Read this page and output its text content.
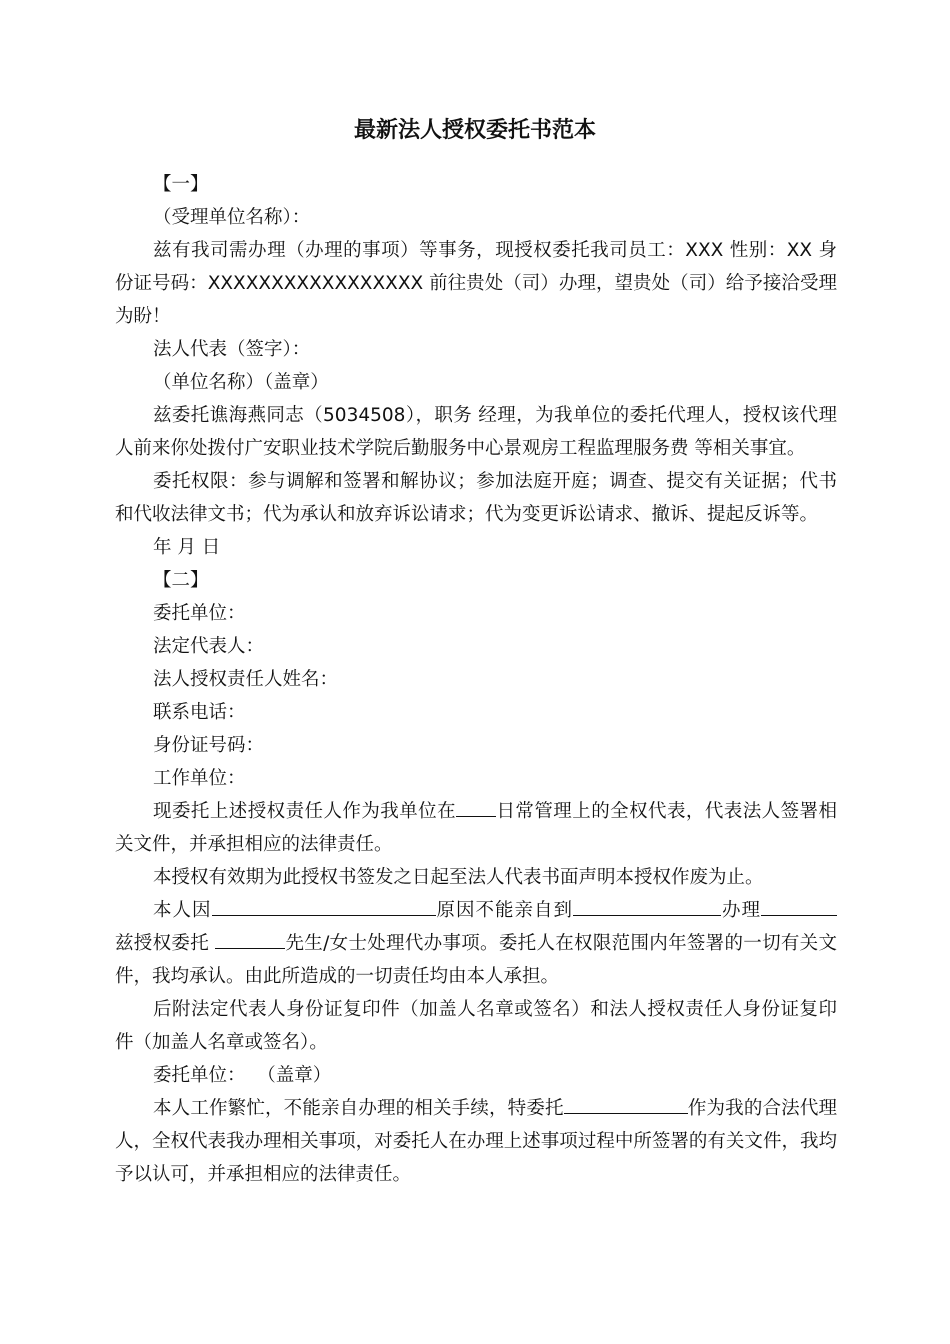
最新法人授权委托书范本

【一】

（受理单位名称）：

兹有我司需办理（办理的事项）等事务，现授权委托我司员工：XXX 性别：XX 身份证号码：XXXXXXXXXXXXXXXXX 前往贵处（司）办理，望贵处（司）给予接洽受理为盼！

法人代表（签字）：

（单位名称）（盖章）

兹委托谯海燕同志（5034508），职务 经理，为我单位的委托代理人，授权该代理人前来你处拨付广安职业技术学院后勤服务中心景观房工程监理服务费 等相关事宜。

委托权限：参与调解和签署和解协议；参加法庭开庭；调查、提交有关证据；代书和代收法律文书；代为承认和放弃诉讼请求；代为变更诉讼请求、撤诉、提起反诉等。

年 月 日

【二】

委托单位：

法定代表人：

法人授权责任人姓名：

联系电话：

身份证号码：

工作单位：

现委托上述授权责任人作为我单位在 日常管理上的全权代表，代表法人签署相关文件，并承担相应的法律责任。

本授权有效期为此授权书签发之日起至法人代表书面声明本授权作废为止。

本人因	原因不能亲自到	办理兹授权委托	先生/女士处理代办事项。委托人在权限范围内年签署的一切有关文件，我均承认。由此所造成的一切责任均由本人承担。

后附法定代表人身份证复印件（加盖人名章或签名）和法人授权责任人身份证复印件（加盖人名章或签名）。

委托单位：  （盖章）

本人工作繁忙，不能亲自办理的相关手续，特委托	作为我的合法代理人，全权代表我办理相关事项，对委托人在办理上述事项过程中所签署的有关文件，我均予以认可，并承担相应的法律责任。
